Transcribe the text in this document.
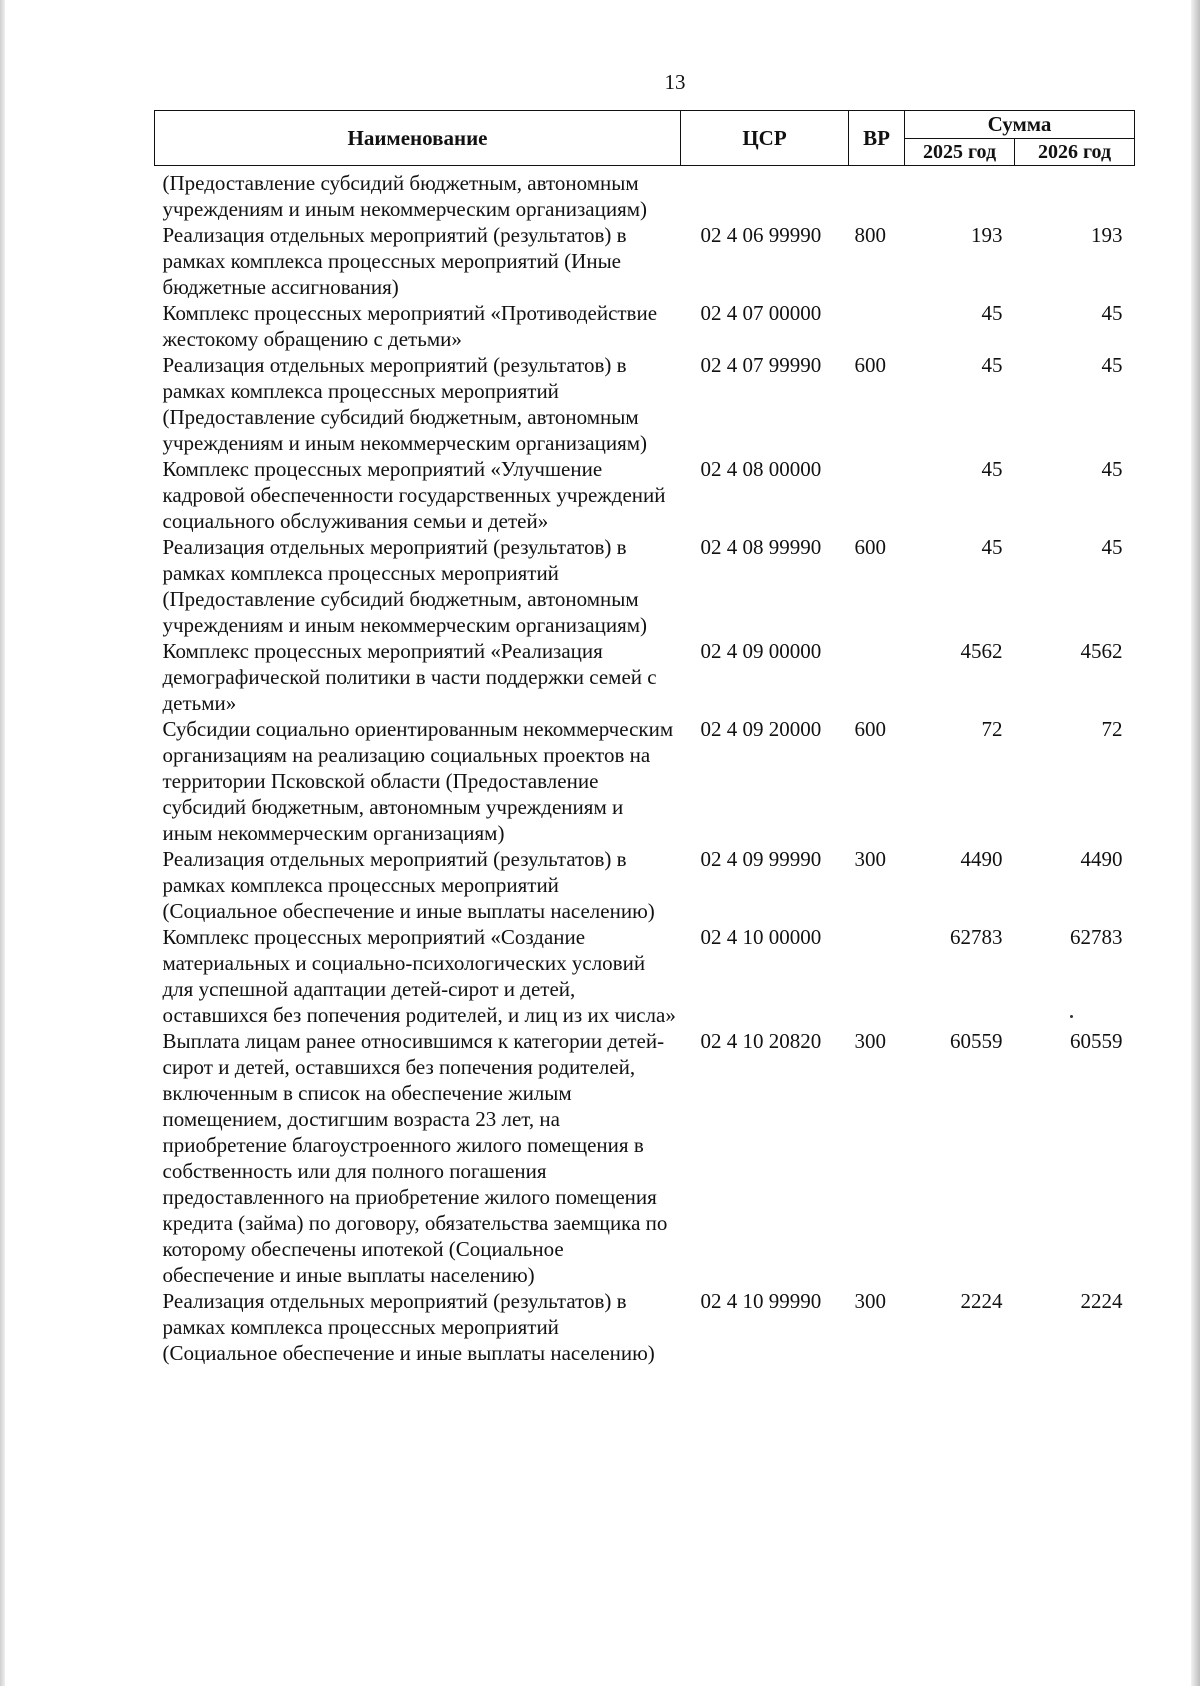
13
Наименование	ЦСР	ВР	Сумма	
			2025 год	2026 год
(Предоставление субсидий бюджетным, автономным учреждениям и иным некоммерческим организациям)				
Реализация отдельных мероприятий (результатов) в рамках комплекса процессных мероприятий (Иные бюджетные ассигнования)	02 4 06 99990	800	193	193
Комплекс процессных мероприятий «Противодействие жестокому обращению с детьми»	02 4 07 00000		45	45
Реализация отдельных мероприятий (результатов) в рамках комплекса процессных мероприятий (Предоставление субсидий бюджетным, автономным учреждениям и иным некоммерческим организациям)	02 4 07 99990	600	45	45
Комплекс процессных мероприятий «Улучшение кадровой обеспеченности государственных учреждений социального обслуживания семьи и детей»	02 4 08 00000		45	45
Реализация отдельных мероприятий (результатов) в рамках комплекса процессных мероприятий (Предоставление субсидий бюджетным, автономным учреждениям и иным некоммерческим организациям)	02 4 08 99990	600	45	45
Комплекс процессных мероприятий «Реализация демографической политики в части поддержки семей с детьми»	02 4 09 00000		4562	4562
Субсидии социально ориентированным некоммерческим организациям на реализацию социальных проектов на территории Псковской области (Предоставление субсидий бюджетным, автономным учреждениям и иным некоммерческим организациям)	02 4 09 20000	600	72	72
Реализация отдельных мероприятий (результатов) в рамках комплекса процессных мероприятий (Социальное обеспечение и иные выплаты населению)	02 4 09 99990	300	4490	4490
Комплекс процессных мероприятий «Создание материальных и социально-психологических условий для успешной адаптации детей-сирот и детей, оставшихся без попечения родителей, и лиц из их числа»	02 4 10 00000		62783	62783
Выплата лицам ранее относившимся к категории детей-сирот и детей, оставшихся без попечения родителей, включенным в список на обеспечение жилым помещением, достигшим возраста 23 лет, на приобретение благоустроенного жилого помещения в собственность или для полного погашения предоставленного на приобретение жилого помещения кредита (займа) по договору, обязательства заемщика по которому обеспечены ипотекой (Социальное обеспечение и иные выплаты населению)	02 4 10 20820	300	60559	60559
Реализация отдельных мероприятий (результатов) в рамках комплекса процессных мероприятий (Социальное обеспечение и иные выплаты населению)	02 4 10 99990	300	2224	2224
